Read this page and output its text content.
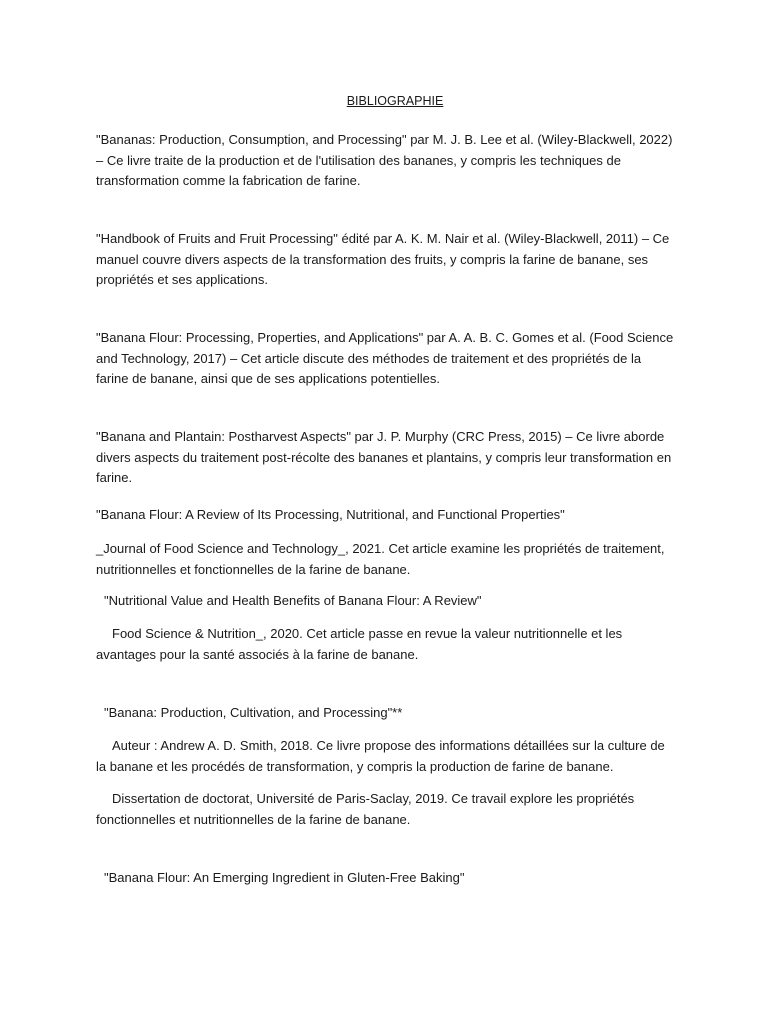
BIBLIOGRAPHIE

"Bananas: Production, Consumption, and Processing" par M. J. B. Lee et al. (Wiley-Blackwell, 2022) – Ce livre traite de la production et de l'utilisation des bananes, y compris les techniques de transformation comme la fabrication de farine.

"Handbook of Fruits and Fruit Processing" édité par A. K. M. Nair et al. (Wiley-Blackwell, 2011) – Ce manuel couvre divers aspects de la transformation des fruits, y compris la farine de banane, ses propriétés et ses applications.

"Banana Flour: Processing, Properties, and Applications" par A. A. B. C. Gomes et al. (Food Science and Technology, 2017) – Cet article discute des méthodes de traitement et des propriétés de la farine de banane, ainsi que de ses applications potentielles.

"Banana and Plantain: Postharvest Aspects" par J. P. Murphy (CRC Press, 2015) – Ce livre aborde divers aspects du traitement post-récolte des bananes et plantains, y compris leur transformation en farine.

"Banana Flour: A Review of Its Processing, Nutritional, and Functional Properties"

_Journal of Food Science and Technology_, 2021. Cet article examine les propriétés de traitement, nutritionnelles et fonctionnelles de la farine de banane.

"Nutritional Value and Health Benefits of Banana Flour: A Review"

Food Science & Nutrition_, 2020. Cet article passe en revue la valeur nutritionnelle et les avantages pour la santé associés à la farine de banane.

"Banana: Production, Cultivation, and Processing"**

Auteur : Andrew A. D. Smith, 2018. Ce livre propose des informations détaillées sur la culture de la banane et les procédés de transformation, y compris la production de farine de banane.

Dissertation de doctorat, Université de Paris-Saclay, 2019. Ce travail explore les propriétés fonctionnelles et nutritionnelles de la farine de banane.

"Banana Flour: An Emerging Ingredient in Gluten-Free Baking"
